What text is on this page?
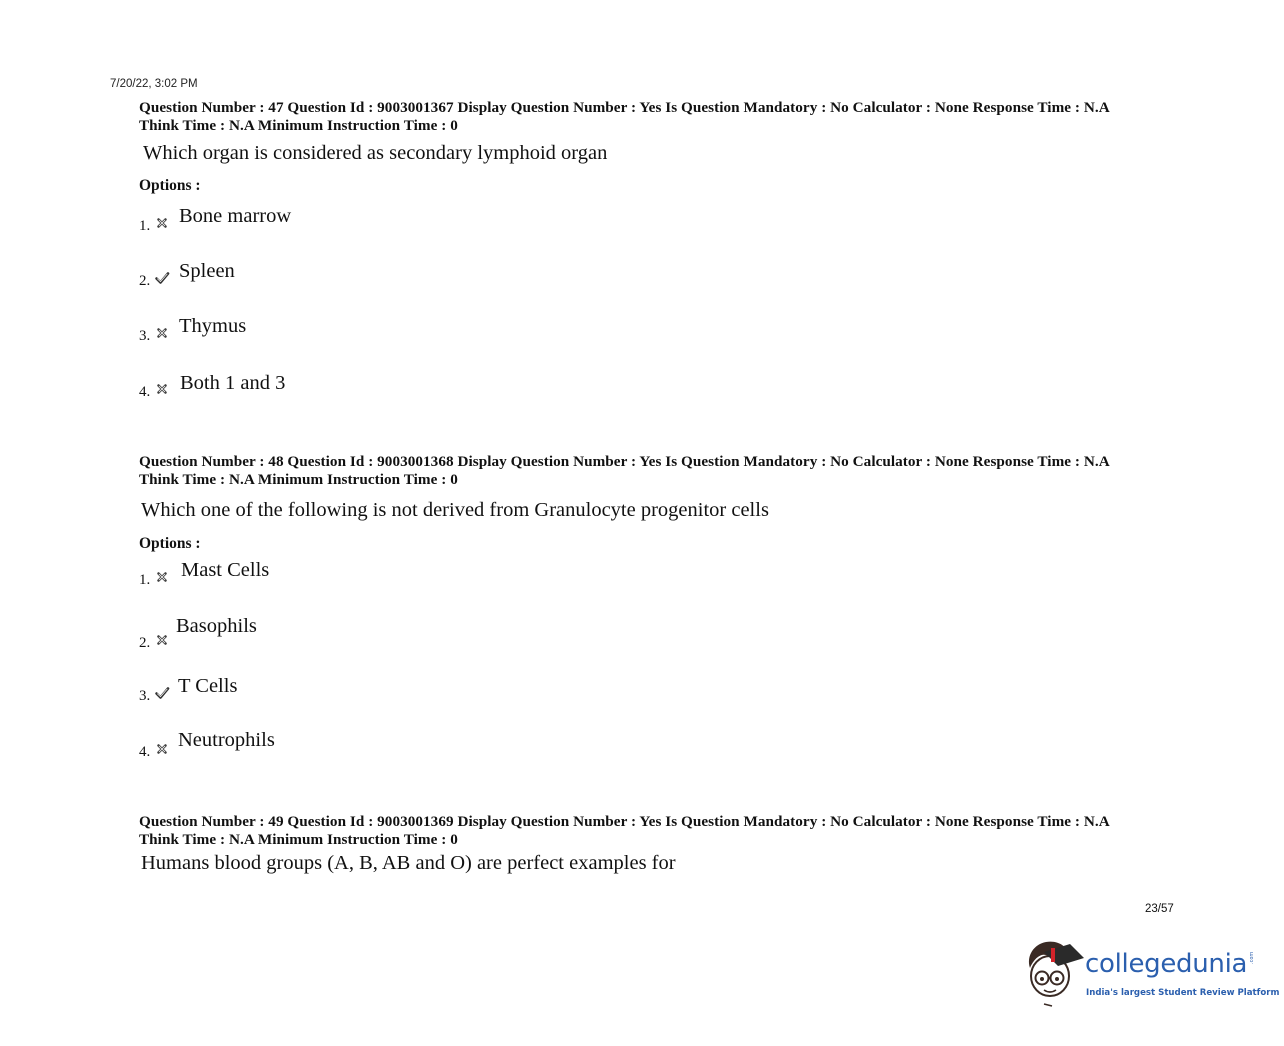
7/20/22, 3:02 PM
Question Number : 47 Question Id : 9003001367 Display Question Number : Yes Is Question Mandatory : No Calculator : None Response Time : N.A Think Time : N.A Minimum Instruction Time : 0
Which organ is considered as secondary lymphoid organ
Options :
1. Bone marrow
2. Spleen
3. Thymus
4. Both 1 and 3
Question Number : 48 Question Id : 9003001368 Display Question Number : Yes Is Question Mandatory : No Calculator : None Response Time : N.A Think Time : N.A Minimum Instruction Time : 0
Which one of the following is not derived from Granulocyte progenitor cells
Options :
1. Mast Cells
2.
Basophils
3. T Cells
4.
Neutrophils
Question Number : 49 Question Id : 9003001369 Display Question Number : Yes Is Question Mandatory : No Calculator : None Response Time : N.A Think Time : N.A Minimum Instruction Time : 0
Humans blood groups (A, B, AB and O) are perfect examples for
23/57
collegedunia .com
India's largest Student Review Platform
